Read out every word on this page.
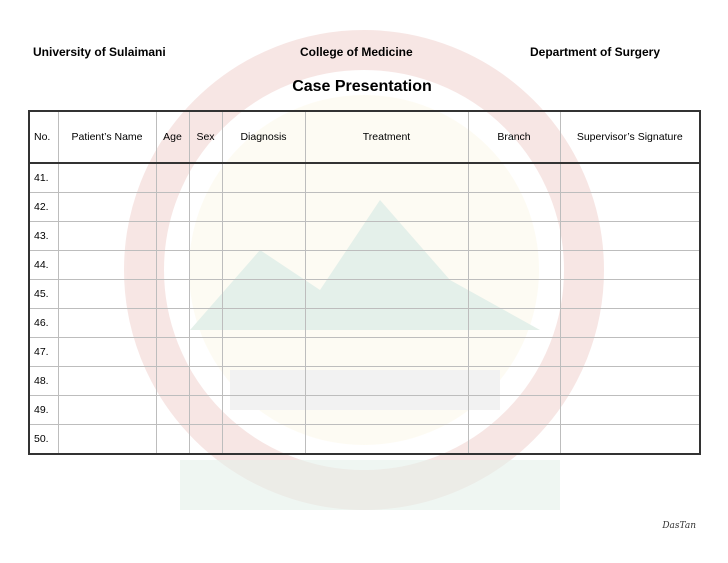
University of Sulaimani	College of Medicine	Department of Surgery
Case Presentation
No.	Patient’s Name	Age	Sex	Diagnosis	Treatment	Branch	Supervisor’s Signature
41.							
42.							
43.							
44.							
45.							
46.							
47.							
48.							
49.							
50.							
DasTan
